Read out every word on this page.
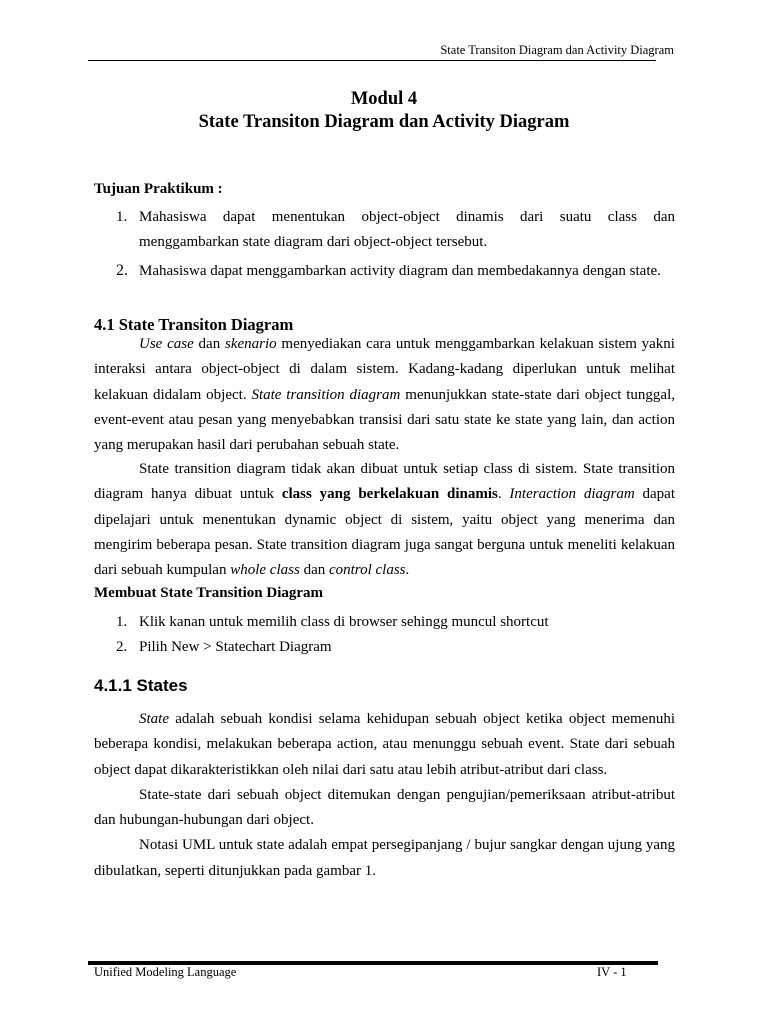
State Transiton Diagram dan Activity Diagram
Modul 4
State Transiton Diagram dan Activity Diagram
Tujuan Praktikum :
1. Mahasiswa dapat menentukan object-object dinamis dari suatu class dan menggambarkan state diagram dari object-object tersebut.
2. Mahasiswa dapat menggambarkan activity diagram dan membedakannya dengan state.
4.1 State Transiton Diagram

Use case dan skenario menyediakan cara untuk menggambarkan kelakuan sistem yakni interaksi antara object-object di dalam sistem. Kadang-kadang diperlukan untuk melihat kelakuan didalam object. State transition diagram menunjukkan state-state dari object tunggal, event-event atau pesan yang menyebabkan transisi dari satu state ke state yang lain, dan action yang merupakan hasil dari perubahan sebuah state.

State transition diagram tidak akan dibuat untuk setiap class di sistem. State transition diagram hanya dibuat untuk class yang berkelakuan dinamis. Interaction diagram dapat dipelajari untuk menentukan dynamic object di sistem, yaitu object yang menerima dan mengirim beberapa pesan. State transition diagram juga sangat berguna untuk meneliti kelakuan dari sebuah kumpulan whole class dan control class.

Membuat State Transition Diagram
1. Klik kanan untuk memilih class di browser sehingg muncul shortcut
2. Pilih New > Statechart Diagram
4.1.1 States

State adalah sebuah kondisi selama kehidupan sebuah object ketika object memenuhi beberapa kondisi, melakukan beberapa action, atau menunggu sebuah event. State dari sebuah object dapat dikarakteristikkan oleh nilai dari satu atau lebih atribut-atribut dari class.

State-state dari sebuah object ditemukan dengan pengujian/pemeriksaan atribut-atribut dan hubungan-hubungan dari object.

Notasi UML untuk state adalah empat persegipanjang / bujur sangkar dengan ujung yang dibulatkan, seperti ditunjukkan pada gambar 1.

Unified Modeling Language	IV - 1
